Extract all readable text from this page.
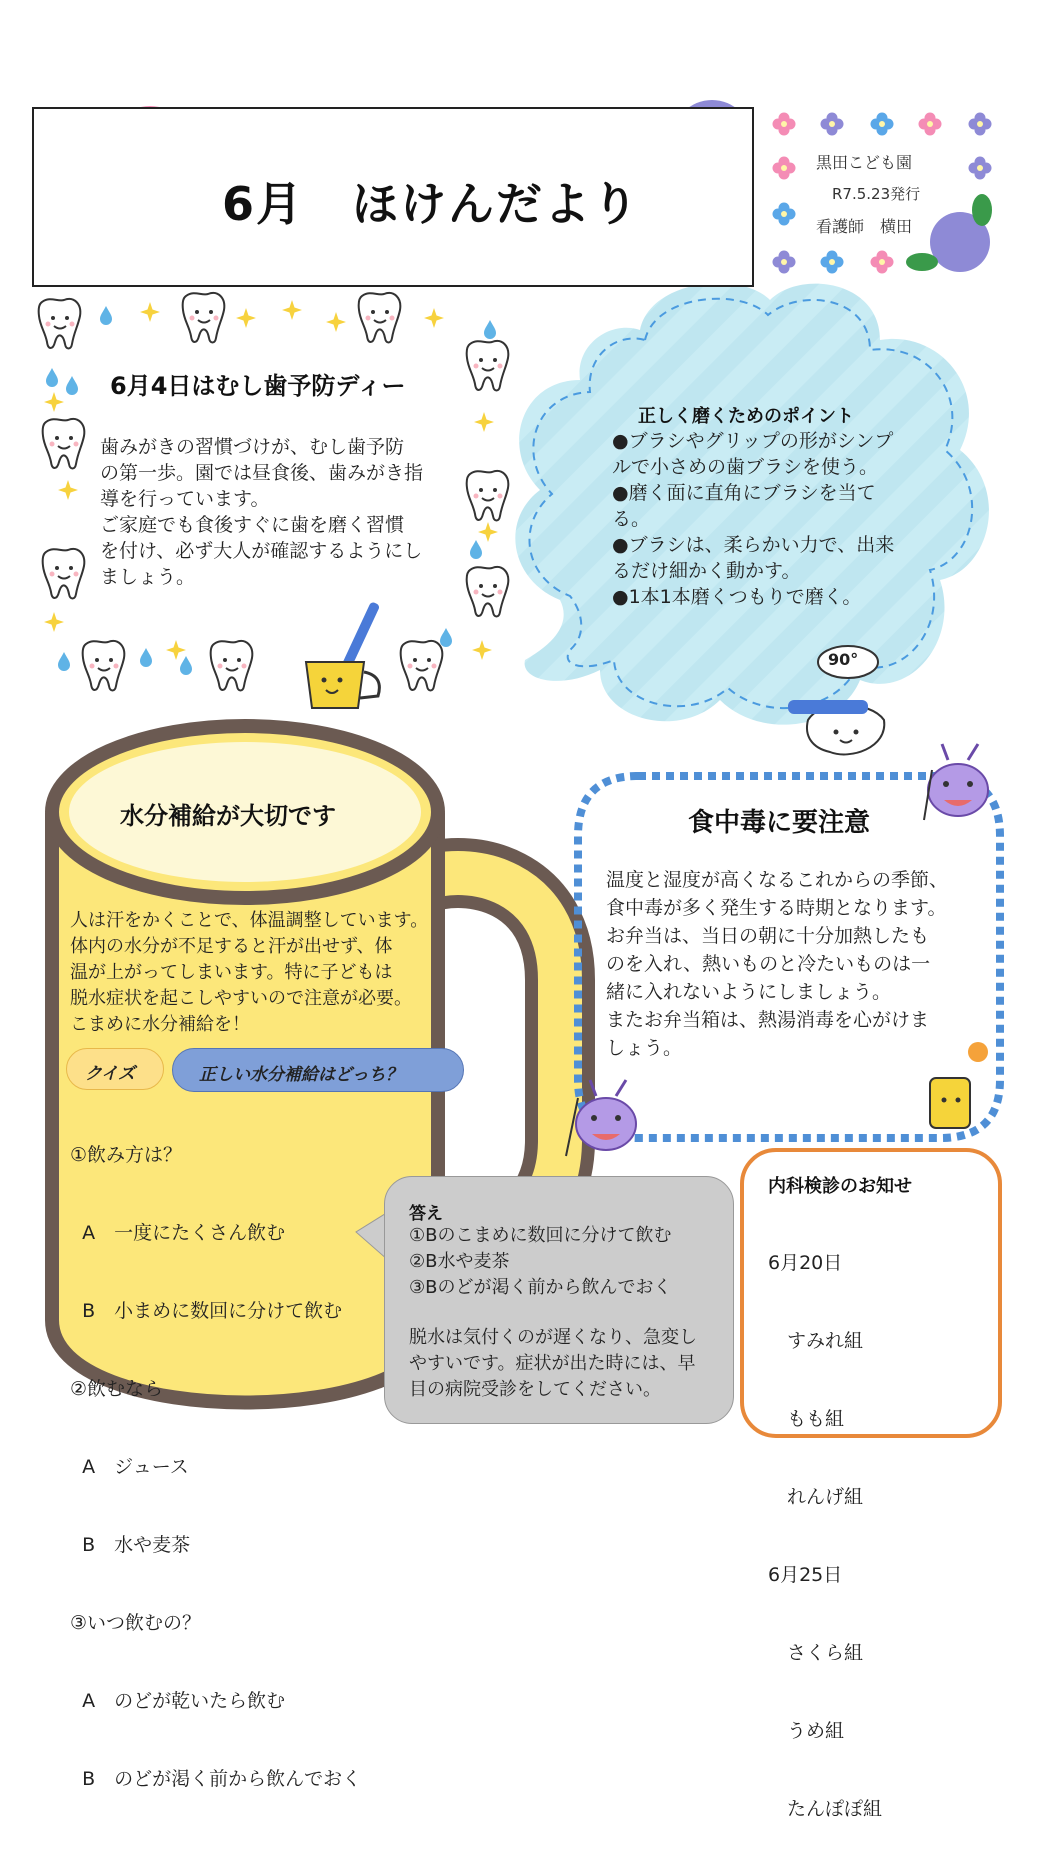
6月　ほけんだより
黒田こども園
R7.5.23発行
看護師　横田
6月4日はむし歯予防ディー
歯みがきの習慣づけが、むし歯予防
の第一歩。園では昼食後、歯みがき指
導を行っています。
ご家庭でも食後すぐに歯を磨く習慣
を付け、必ず大人が確認するようにし
ましょう。
正しく磨くためのポイント
●ブラシやグリップの形がシンプ
ルで小さめの歯ブラシを使う。
●磨く面に直角にブラシを当て
る。
●ブラシは、柔らかい力で、出来
るだけ細かく動かす。
●1本1本磨くつもりで磨く。
90°
水分補給が大切です
人は汗をかくことで、体温調整しています。
体内の水分が不足すると汗が出せず、体
温が上がってしまいます。特に子どもは
脱水症状を起こしやすいので注意が必要。
こまめに水分補給を！
クイズ	正しい水分補給はどっち？

①飲み方は？

A　一度にたくさん飲む

B　小まめに数回に分けて飲む

②飲むなら

A　ジュース

B　水や麦茶

③いつ飲むの？

A　のどが乾いたら飲む

B　のどが渇く前から飲んでおく

答え
①Bのこまめに数回に分けて飲む
②B水や麦茶
③Bのどが渇く前から飲んでおく
脱水は気付くのが遅くなり、急変し
やすいです。症状が出た時には、早
目の病院受診をしてください。
食中毒に要注意
温度と湿度が高くなるこれからの季節、
食中毒が多く発生する時期となります。
お弁当は、当日の朝に十分加熱したも
のを入れ、熱いものと冷たいものは一
緒に入れないようにしましょう。
またお弁当箱は、熱湯消毒を心がけま
しょう。
内科検診のお知せ

6月20日

　すみれ組

　もも組

　れんげ組

6月25日

　さくら組

　うめ組

　たんぽぽ組
